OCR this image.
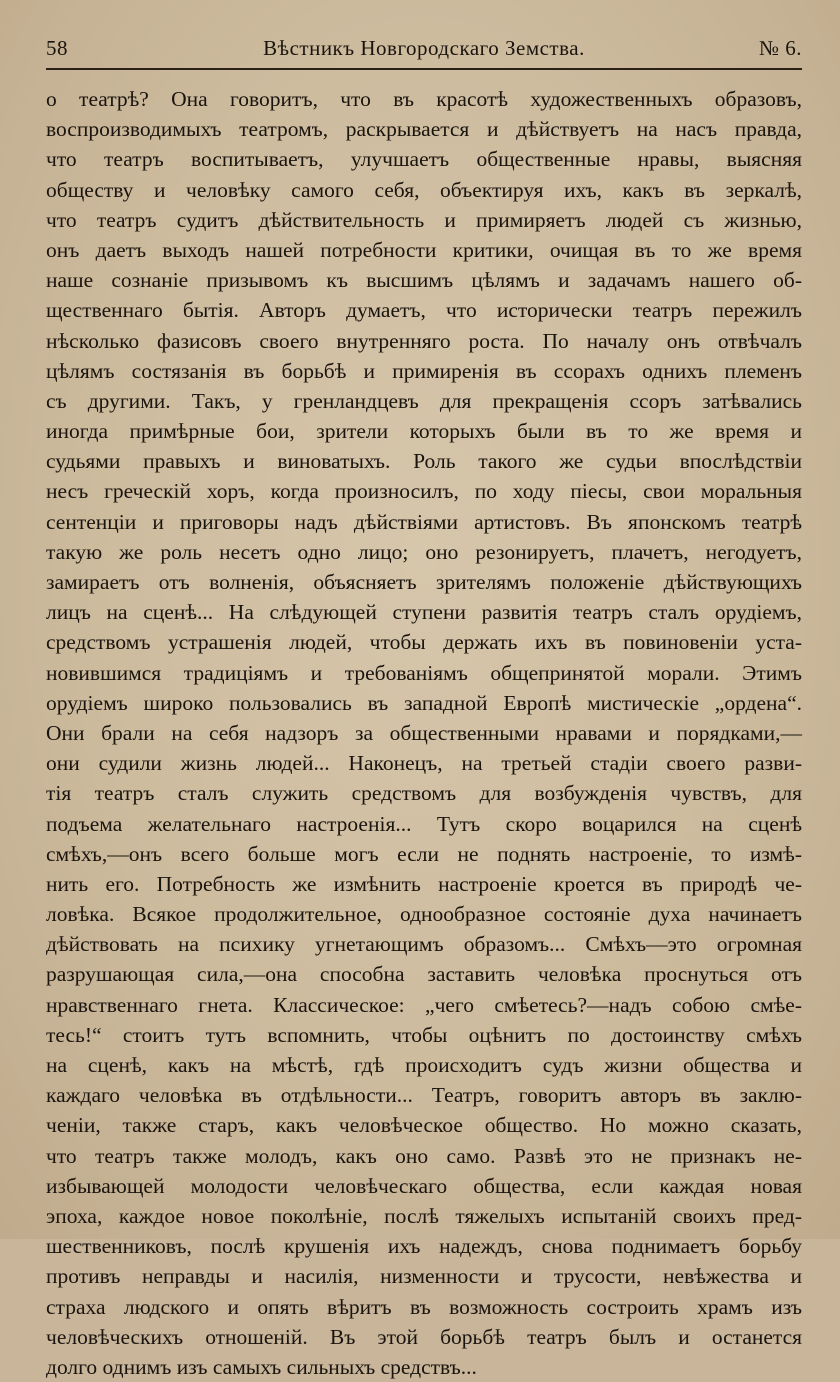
58	Вѣстникъ Новгородскаго Земства.	№ 6.
о театрѣ? Она говоритъ, что въ красотѣ художественныхъ образовъ,
воспроизводимыхъ театромъ, раскрывается и дѣйствуетъ на насъ правда,
что театръ воспитываетъ, улучшаетъ общественные нравы, выясняя
обществу и человѣку самого себя, объектируя ихъ, какъ въ зеркалѣ,
что театръ судитъ дѣйствительность и примиряетъ людей съ жизнью,
онъ даетъ выходъ нашей потребности критики, очищая въ то же время
наше сознаніе призывомъ къ высшимъ цѣлямъ и задачамъ нашего об-
щественнаго бытія. Авторъ думаетъ, что исторически театръ пережилъ
нѣсколько фазисовъ своего внутренняго роста. По началу онъ отвѣчалъ
цѣлямъ состязанія въ борьбѣ и примиренія въ ссорахъ однихъ племенъ
съ другими. Такъ, у гренландцевъ для прекращенія ссоръ затѣвались
иногда примѣрные бои, зрители которыхъ были въ то же время и
судьями правыхъ и виноватыхъ. Роль такого же судьи впослѣдствіи
несъ греческій хоръ, когда произносилъ, по ходу піесы, свои моральныя
сентенціи и приговоры надъ дѣйствіями артистовъ. Въ японскомъ театрѣ
такую же роль несетъ одно лицо; оно резонируетъ, плачетъ, негодуетъ,
замираетъ отъ волненія, объясняетъ зрителямъ положеніе дѣйствующихъ
лицъ на сценѣ... На слѣдующей ступени развитія театръ сталъ орудіемъ,
средствомъ устрашенія людей, чтобы держать ихъ въ повиновеніи уста-
новившимся традиціямъ и требованіямъ общепринятой морали. Этимъ
орудіемъ широко пользовались въ западной Европѣ мистическіе „ордена“.
Они брали на себя надзоръ за общественными нравами и порядками,—
они судили жизнь людей... Наконецъ, на третьей стадіи своего разви-
тія театръ сталъ служить средствомъ для возбужденія чувствъ, для
подъема желательнаго настроенія... Тутъ скоро воцарился на сценѣ
смѣхъ,—онъ всего больше могъ если не поднять настроеніе, то измѣ-
нить его. Потребность же измѣнить настроеніе кроется въ природѣ че-
ловѣка. Всякое продолжительное, однообразное состояніе духа начинаетъ
дѣйствовать на психику угнетающимъ образомъ... Смѣхъ—это огромная
разрушающая сила,—она способна заставить человѣка проснуться отъ
нравственнаго гнета. Классическое: „чего смѣетесь?—надъ собою смѣе-
тесь!“ стоитъ тутъ вспомнить, чтобы оцѣнитъ по достоинству смѣхъ
на сценѣ, какъ на мѣстѣ, гдѣ происходитъ судъ жизни общества и
каждаго человѣка въ отдѣльности... Театръ, говоритъ авторъ въ заклю-
ченіи, также старъ, какъ человѣческое общество. Но можно сказать,
что театръ также молодъ, какъ оно само. Развѣ это не признакъ не-
избывающей молодости человѣческаго общества, если каждая новая
эпоха, каждое новое поколѣніе, послѣ тяжелыхъ испытаній своихъ пред-
шественниковъ, послѣ крушенія ихъ надеждъ, снова поднимаетъ борьбу
противъ неправды и насилія, низменности и трусости, невѣжества и
страха людского и опять вѣритъ въ возможность состроить храмъ изъ
человѣческихъ отношеній. Въ этой борьбѣ театръ былъ и останется
долго однимъ изъ самыхъ сильныхъ средствъ...
